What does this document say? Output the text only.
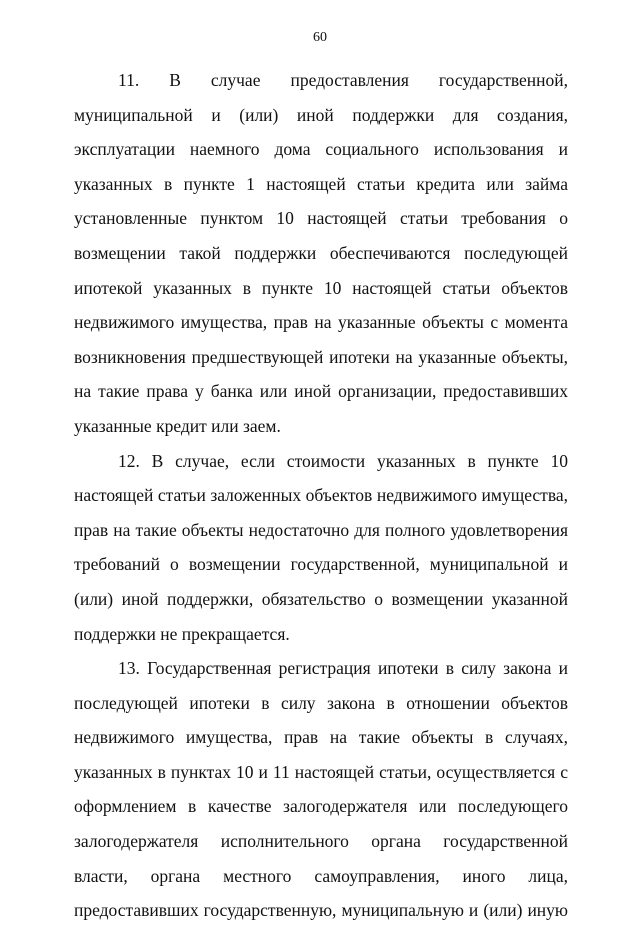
60

11. В случае предоставления государственной, муниципальной и (или) иной поддержки для создания, эксплуатации наемного дома социального использования и указанных в пункте 1 настоящей статьи кредита или займа установленные пунктом 10 настоящей статьи требования о возмещении такой поддержки обеспечиваются последующей ипотекой указанных в пункте 10 настоящей статьи объектов недвижимого имущества, прав на указанные объекты с момента возникновения предшествующей ипотеки на указанные объекты, на такие права у банка или иной организации, предоставивших указанные кредит или заем.

12. В случае, если стоимости указанных в пункте 10 настоящей статьи заложенных объектов недвижимого имущества, прав на такие объекты недостаточно для полного удовлетворения требований о возмещении государственной, муниципальной и (или) иной поддержки, обязательство о возмещении указанной поддержки не прекращается.

13. Государственная регистрация ипотеки в силу закона и последующей ипотеки в силу закона в отношении объектов недвижимого имущества, прав на такие объекты в случаях, указанных в пунктах 10 и 11 настоящей статьи, осуществляется с оформлением в качестве залогодержателя или последующего залогодержателя исполнительного органа государственной власти, органа местного самоуправления, иного лица, предоставивших государственную, муниципальную и (или) иную
